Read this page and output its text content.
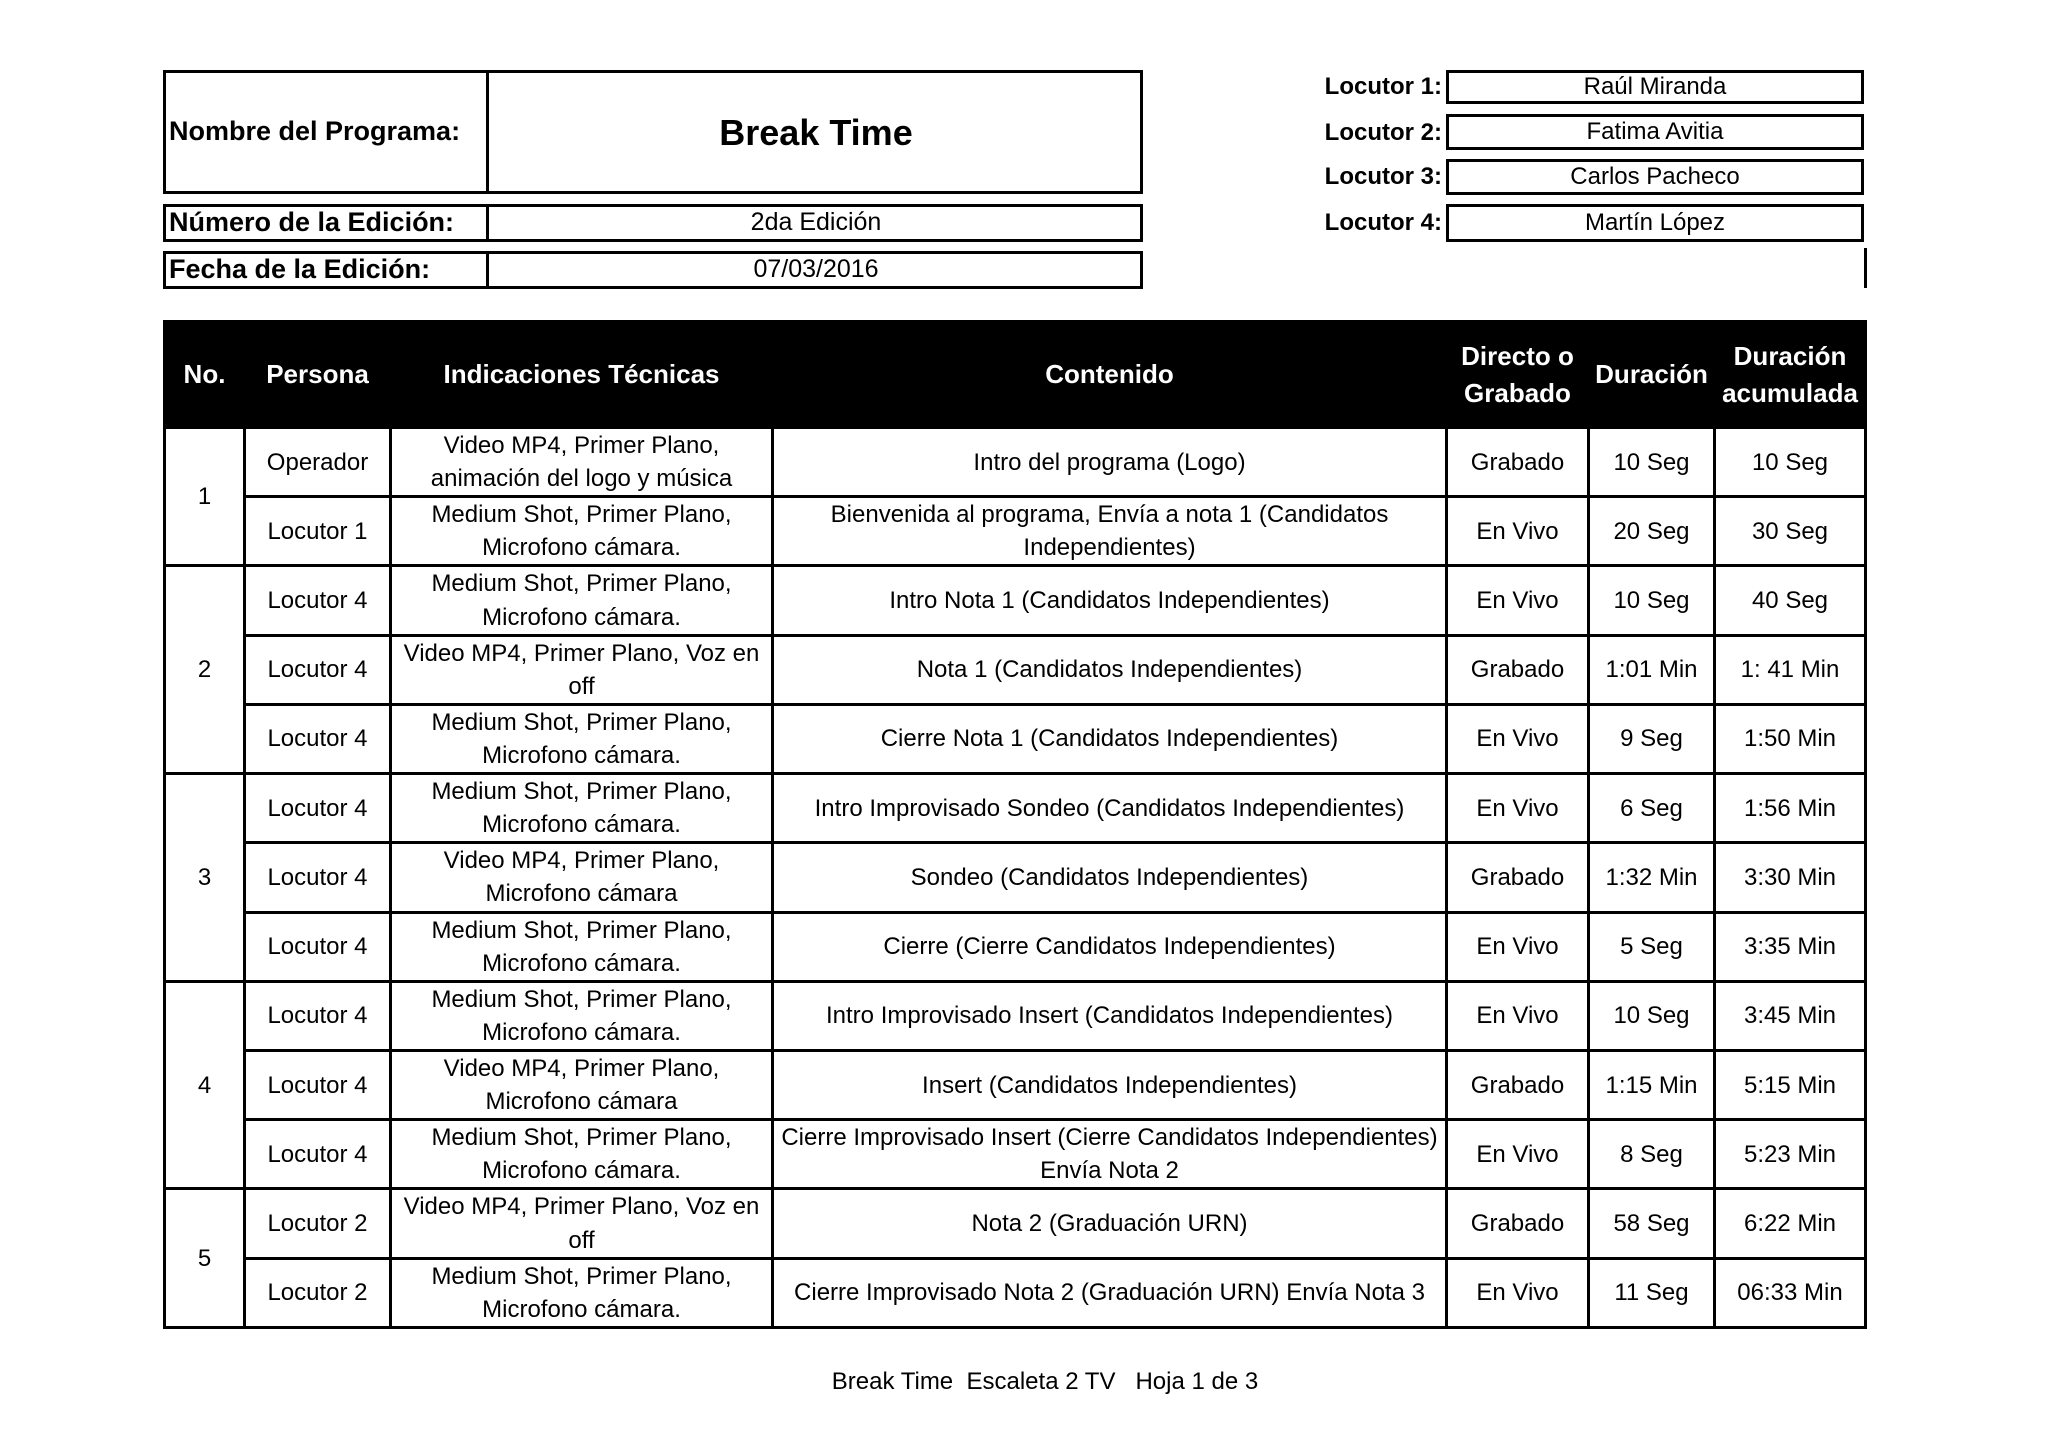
Nombre del Programa:	Break Time
Número de la Edición:	2da Edición
Fecha de la Edición:	07/03/2016
Locutor 1:	Raúl Miranda
Locutor 2:	Fatima Avitia
Locutor 3:	Carlos Pacheco
Locutor 4:	Martín López
No.	Persona	Indicaciones Técnicas	Contenido	Directo o Grabado	Duración	Duración acumulada
1	Operador	Video MP4, Primer Plano, animación del logo y música	Intro del programa (Logo)	Grabado	10 Seg	10 Seg
	Locutor 1	Medium Shot, Primer Plano, Microfono cámara.	Bienvenida al programa, Envía a nota 1 (Candidatos Independientes)	En Vivo	20 Seg	30 Seg
2	Locutor 4	Medium Shot, Primer Plano, Microfono cámara.	Intro Nota 1 (Candidatos Independientes)	En Vivo	10 Seg	40 Seg
	Locutor 4	Video MP4, Primer Plano, Voz en off	Nota 1 (Candidatos Independientes)	Grabado	1:01 Min	1: 41 Min
	Locutor 4	Medium Shot, Primer Plano, Microfono cámara.	Cierre Nota 1 (Candidatos Independientes)	En Vivo	9 Seg	1:50 Min
3	Locutor 4	Medium Shot, Primer Plano, Microfono cámara.	Intro Improvisado Sondeo (Candidatos Independientes)	En Vivo	6 Seg	1:56 Min
	Locutor 4	Video MP4, Primer Plano, Microfono cámara	Sondeo (Candidatos Independientes)	Grabado	1:32 Min	3:30 Min
	Locutor 4	Medium Shot, Primer Plano, Microfono cámara.	Cierre (Cierre Candidatos Independientes)	En Vivo	5 Seg	3:35 Min
4	Locutor 4	Medium Shot, Primer Plano, Microfono cámara.	Intro Improvisado Insert (Candidatos Independientes)	En Vivo	10 Seg	3:45 Min
	Locutor 4	Video MP4, Primer Plano, Microfono cámara	Insert (Candidatos Independientes)	Grabado	1:15 Min	5:15 Min
	Locutor 4	Medium Shot, Primer Plano, Microfono cámara.	Cierre Improvisado Insert (Cierre Candidatos Independientes) Envía Nota 2	En Vivo	8 Seg	5:23 Min
5	Locutor 2	Video MP4, Primer Plano, Voz en off	Nota 2 (Graduación URN)	Grabado	58 Seg	6:22 Min
	Locutor 2	Medium Shot, Primer Plano, Microfono cámara.	Cierre Improvisado Nota 2 (Graduación URN) Envía Nota 3	En Vivo	11 Seg	06:33 Min
Break Time  Escaleta 2 TV   Hoja 1 de 3
